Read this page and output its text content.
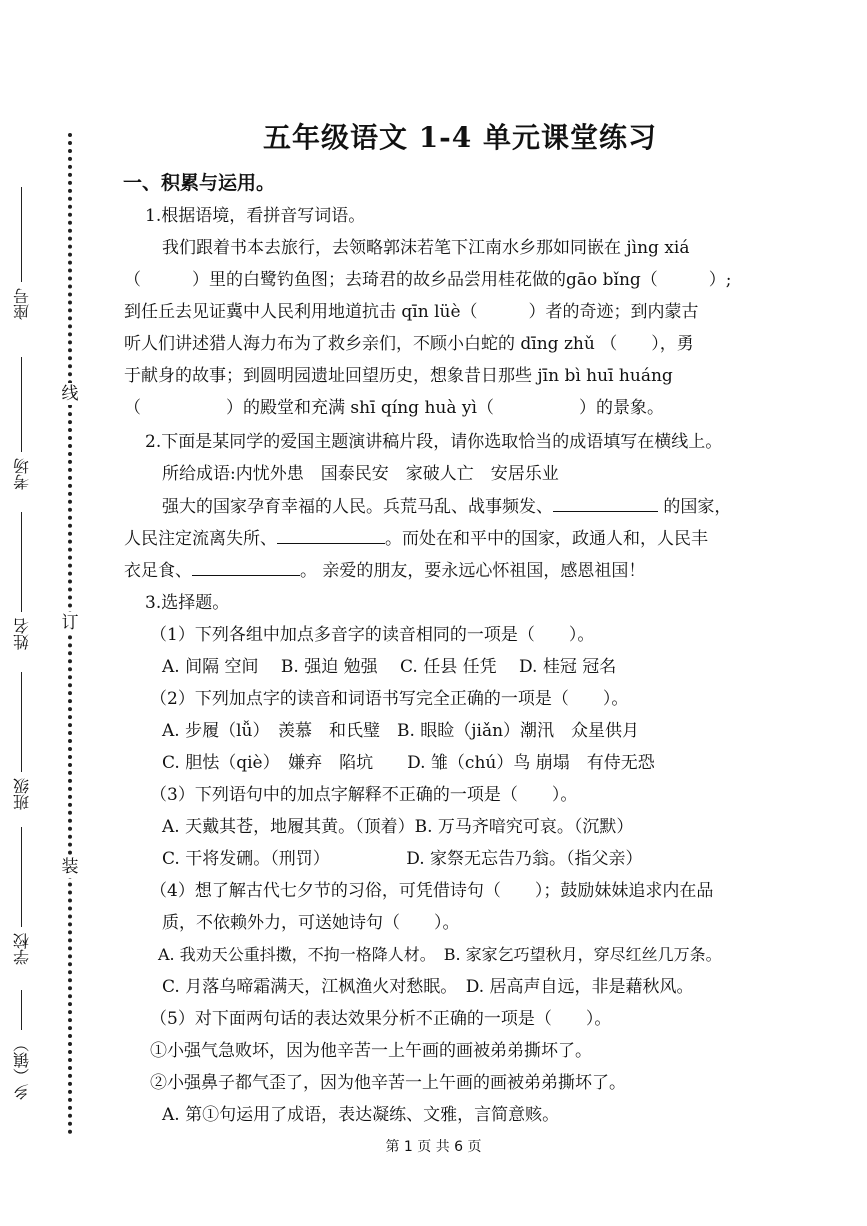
线
订
装
座号
考场
姓名
班级
学校
乡（镇）
五年级语文 1-4 单元课堂练习
一、积累与运用。
1.根据语境，看拼音写词语。
我们跟着书本去旅行，去领略郭沫若笔下江南水乡那如同嵌在 jìng xiá
（　　　）里的白鹭钓鱼图；去琦君的故乡品尝用桂花做的gāo bǐng（　　　）;
到任丘去见证冀中人民利用地道抗击 qīn lüè（　　　）者的奇迹；到内蒙古
听人们讲述猎人海力布为了救乡亲们，不顾小白蛇的 dīng zhǔ （　　），勇
于献身的故事；到圆明园遗址回望历史，想象昔日那些 jīn bì huī huáng
（　　　　　）的殿堂和充满 shī qíng huà yì（　　　　　）的景象。
2.下面是某同学的爱国主题演讲稿片段，请你选取恰当的成语填写在横线上。
所给成语:内忧外患　国泰民安　家破人亡　安居乐业
强大的国家孕育幸福的人民。兵荒马乱、战事频发、	的国家，
人民注定流离失所、	。而处在和平中的国家，政通人和，人民丰
衣足食、	。 亲爱的朋友，要永远心怀祖国，感恩祖国！
3.选择题。
（1）下列各组中加点多音字的读音相同的一项是（　　）。
A. 间隔 空间　 B. 强迫 勉强　 C. 任县 任凭　 D. 桂冠 冠名
（2）下列加点字的读音和词语书写完全正确的一项是（　　）。
A. 步履（lǚ）　羡慕　和氏璧　B. 眼睑（jiǎn）潮汛　众星供月
C. 胆怯（qiè）　嫌弃　陷坑　　D. 雏（chú）鸟 崩塌　有侍无恐
（3）下列语句中的加点字解释不正确的一项是（　　）。
A. 天戴其苍，地履其黄。（顶着）B. 万马齐喑究可哀。（沉默）
C. 干将发硎。（刑罚）　　　　　D. 家祭无忘告乃翁。（指父亲）
（4）想了解古代七夕节的习俗，可凭借诗句（　　）；鼓励妹妹追求内在品
质，不依赖外力，可送她诗句（　　）。
A. 我劝天公重抖擞，不拘一格降人材。　B. 家家乞巧望秋月，穿尽红丝几万条。
C. 月落乌啼霜满天，江枫渔火对愁眠。　D. 居高声自远，非是藉秋风。
（5）对下面两句话的表达效果分析不正确的一项是（　　）。
①小强气急败坏，因为他辛苦一上午画的画被弟弟撕坏了。
②小强鼻子都气歪了，因为他辛苦一上午画的画被弟弟撕坏了。
A. 第①句运用了成语，表达凝练、文雅，言简意赅。
第 1 页 共 6 页
